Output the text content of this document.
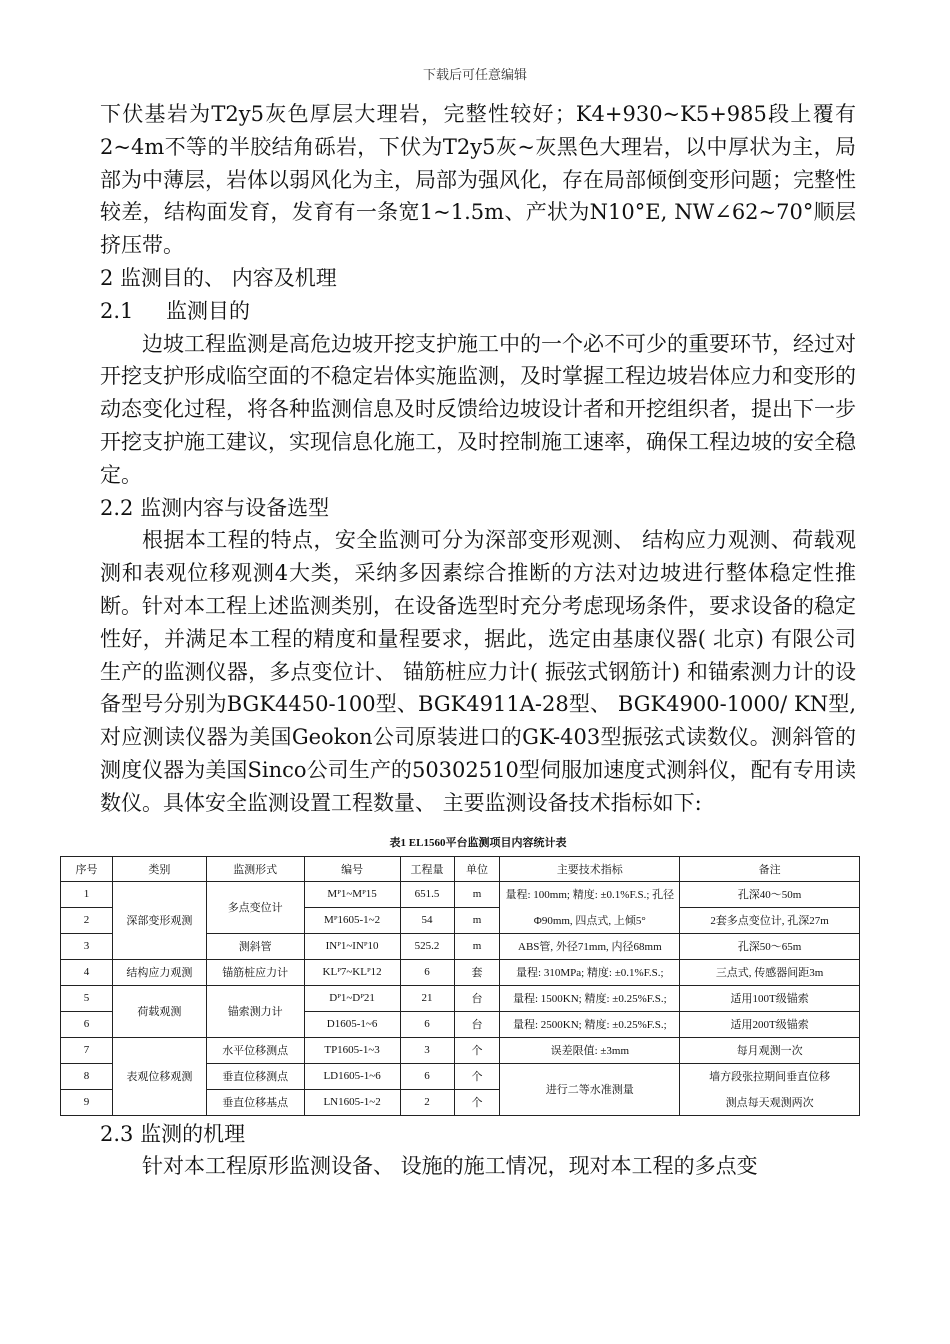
下载后可任意编辑

下伏基岩为T2y5灰色厚层大理岩，完整性较好；K4+930~K5+985段上覆有2~4m不等的半胶结角砾岩，下伏为T2y5灰~灰黑色大理岩，以中厚状为主，局部为中薄层，岩体以弱风化为主，局部为强风化，存在局部倾倒变形问题；完整性较差，结构面发育，发育有一条宽1~1.5m、产状为N10°E, NW∠62~70°顺层挤压带。

2 监测目的、 内容及机理

2.1 监测目的

边坡工程监测是高危边坡开挖支护施工中的一个必不可少的重要环节，经过对开挖支护形成临空面的不稳定岩体实施监测，及时掌握工程边坡岩体应力和变形的动态变化过程，将各种监测信息及时反馈给边坡设计者和开挖组织者，提出下一步开挖支护施工建议，实现信息化施工，及时控制施工速率，确保工程边坡的安全稳定。

2.2 监测内容与设备选型

根据本工程的特点，安全监测可分为深部变形观测、 结构应力观测、荷载观测和表观位移观测4大类，采纳多因素综合推断的方法对边坡进行整体稳定性推断。针对本工程上述监测类别，在设备选型时充分考虑现场条件，要求设备的稳定性好，并满足本工程的精度和量程要求，据此，选定由基康仪器( 北京) 有限公司生产的监测仪器，多点变位计、 锚筋桩应力计( 振弦式钢筋计) 和锚索测力计的设备型号分别为BGK4450-100型、BGK4911A-28型、 BGK4900-1000/ KN型,对应测读仪器为美国Geokon公司原装进口的GK-403型振弦式读数仪。测斜管的测度仪器为美国Sinco公司生产的50302510型伺服加速度式测斜仪，配有专用读数仪。具体安全监测设置工程数量、 主要监测设备技术指标如下:

表1 EL1560平台监测项目内容统计表
序号	类别	监测形式	编号	工程量	单位	主要技术指标	备注
1	深部变形观测	多点变位计	Mᴾ1~Mᴾ15	651.5	m	量程: 100mm; 精度: ±0.1%F.S.; 孔径	孔深40～50m
2			Mᴾ1605-1~2	54	m	Φ90mm, 四点式, 上倾5°	2套多点变位计, 孔深27m
3		测斜管	INᴾ1~INᴾ10	525.2	m	ABS管, 外径71mm, 内径68mm	孔深50～65m
4	结构应力观测	锚筋桩应力计	KLᴾ7~KLᴾ12	6	套	量程: 310MPa; 精度: ±0.1%F.S.;	三点式, 传感器间距3m
5	荷载观测	锚索测力计	Dᴾ1~Dᴾ21	21	台	量程: 1500KN; 精度: ±0.25%F.S.;	适用100T级锚索
6			D1605-1~6	6	台	量程: 2500KN; 精度: ±0.25%F.S.;	适用200T级锚索
7	表观位移观测	水平位移测点	TP1605-1~3	3	个	误差限值: ±3mm	每月观测一次
8		垂直位移测点	LD1605-1~6	6	个	进行二等水准测量	墙方段张拉期间垂直位移
9		垂直位移基点	LN1605-1~2	2	个		测点每天观测两次

2.3 监测的机理

针对本工程原形监测设备、 设施的施工情况，现对本工程的多点变
